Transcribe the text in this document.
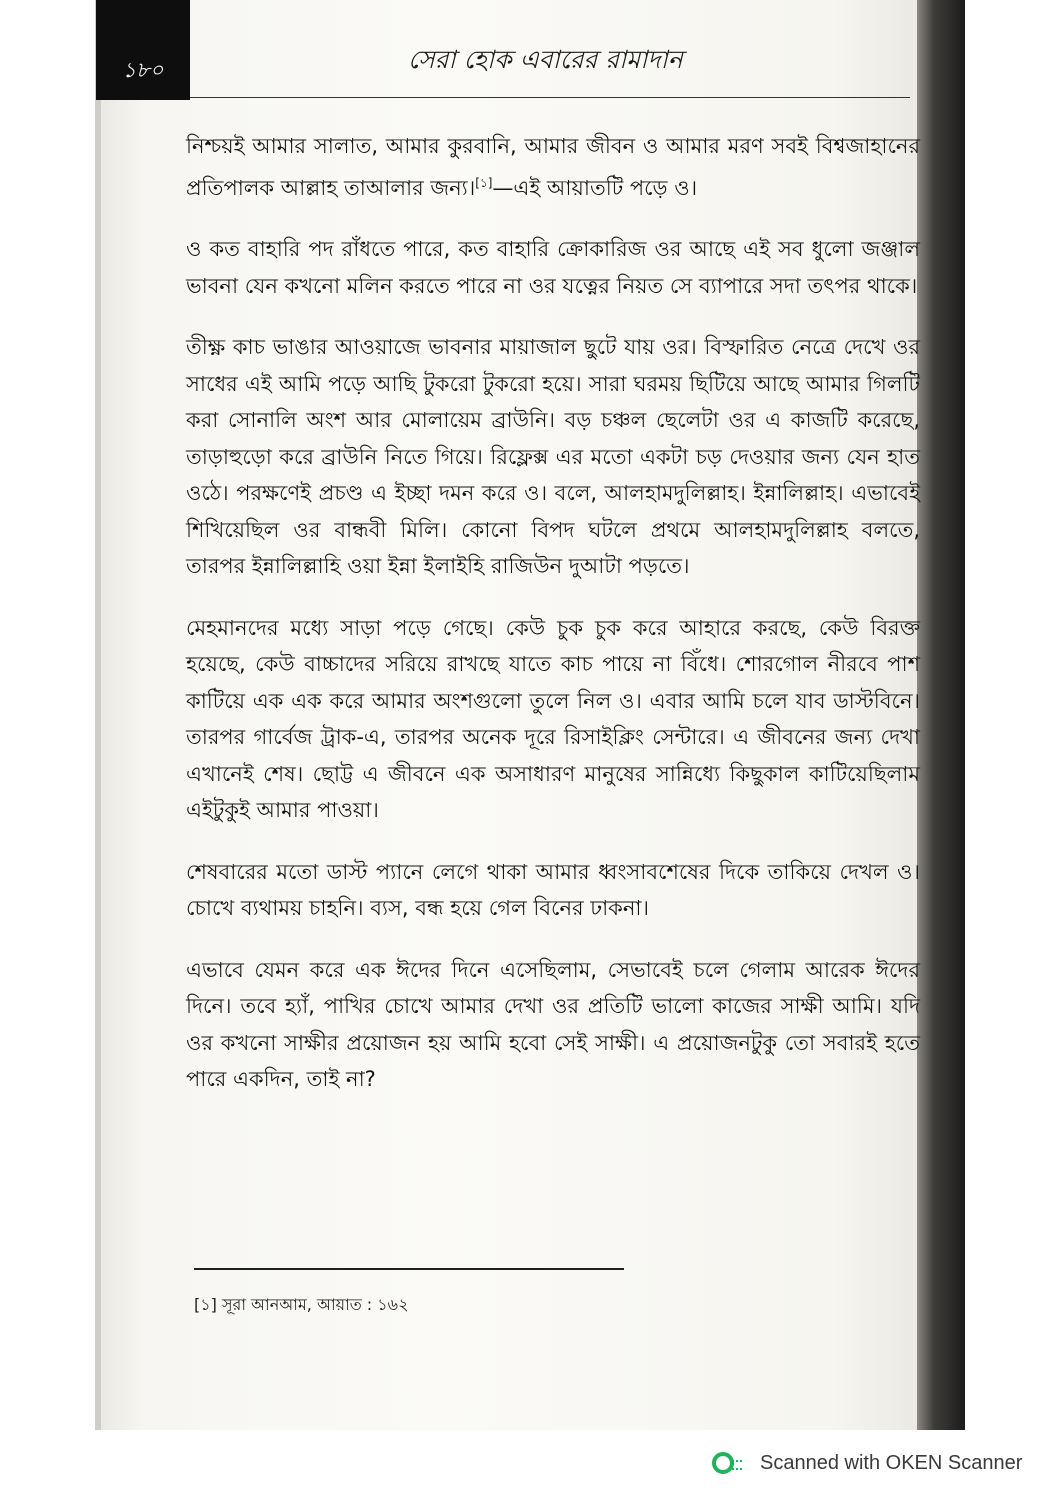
১৮০	সেরা হোক এবারের রামাদান

নিশ্চয়ই আমার সালাত, আমার কুরবানি, আমার জীবন ও আমার মরণ সবই বিশ্বজাহানের প্রতিপালক আল্লাহ তাআলার জন্য।[১]—এই আয়াতটি পড়ে ও।

ও কত বাহারি পদ রাঁধতে পারে, কত বাহারি ক্রোকারিজ ওর আছে এই সব ধুলো জঞ্জাল ভাবনা যেন কখনো মলিন করতে পারে না ওর যত্নের নিয়ত সে ব্যাপারে সদা তৎপর থাকে।

তীক্ষ্ণ কাচ ভাঙার আওয়াজে ভাবনার মায়াজাল ছুটে যায় ওর। বিস্ফারিত নেত্রে দেখে ওর সাধের এই আমি পড়ে আছি টুকরো টুকরো হয়ে। সারা ঘরময় ছিটিয়ে আছে আমার গিলটি করা সোনালি অংশ আর মোলায়েম ব্রাউনি। বড় চঞ্চল ছেলেটা ওর এ কাজটি করেছে, তাড়াহুড়ো করে ব্রাউনি নিতে গিয়ে। রিফ্লেক্স এর মতো একটা চড় দেওয়ার জন্য যেন হাত ওঠে। পরক্ষণেই প্রচণ্ড এ ইচ্ছা দমন করে ও। বলে, আলহামদুলিল্লাহ। ইন্নালিল্লাহ। এভাবেই শিখিয়েছিল ওর বান্ধবী মিলি। কোনো বিপদ ঘটলে প্রথমে আলহামদুলিল্লাহ বলতে, তারপর ইন্নালিল্লাহি ওয়া ইন্না ইলাইহি রাজিউন দুআটা পড়তে।

মেহমানদের মধ্যে সাড়া পড়ে গেছে। কেউ চুক চুক করে আহারে করছে, কেউ বিরক্ত হয়েছে, কেউ বাচ্চাদের সরিয়ে রাখছে যাতে কাচ পায়ে না বিঁধে। শোরগোল নীরবে পাশ কাটিয়ে এক এক করে আমার অংশগুলো তুলে নিল ও। এবার আমি চলে যাব ডাস্টবিনে। তারপর গার্বেজ ট্রাক-এ, তারপর অনেক দূরে রিসাইক্লিং সেন্টারে। এ জীবনের জন্য দেখা এখানেই শেষ। ছোট্ট এ জীবনে এক অসাধারণ মানুষের সান্নিধ্যে কিছুকাল কাটিয়েছিলাম এইটুকুই আমার পাওয়া।

শেষবারের মতো ডাস্ট প্যানে লেগে থাকা আমার ধ্বংসাবশেষের দিকে তাকিয়ে দেখল ও। চোখে ব্যথাময় চাহনি। ব্যস, বন্ধ হয়ে গেল বিনের ঢাকনা।

এভাবে যেমন করে এক ঈদের দিনে এসেছিলাম, সেভাবেই চলে গেলাম আরেক ঈদের দিনে। তবে হ্যাঁ, পাখির চোখে আমার দেখা ওর প্রতিটি ভালো কাজের সাক্ষী আমি। যদি ওর কখনো সাক্ষীর প্রয়োজন হয় আমি হবো সেই সাক্ষী। এ প্রয়োজনটুকু তো সবারই হতে পারে একদিন, তাই না?

[১] সূরা আনআম, আয়াত : ১৬২
Scanned with OKEN Scanner
